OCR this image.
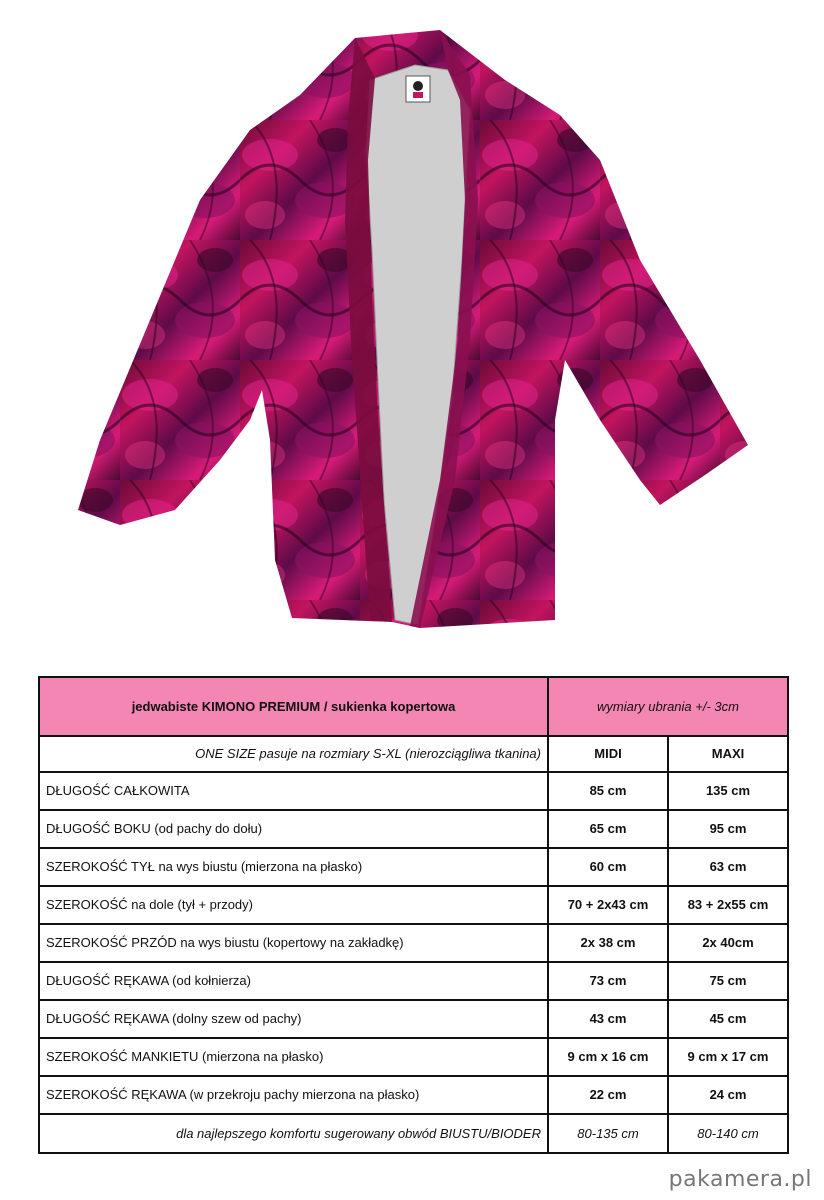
jedwabiste KIMONO PREMIUM / sukienka kopertowa	wymiary ubrania +/- 3cm	
ONE SIZE pasuje na rozmiary S-XL (nierozciągliwa tkanina)	MIDI	MAXI
DŁUGOŚĆ CAŁKOWITA	85 cm	135 cm
DŁUGOŚĆ BOKU (od pachy do dołu)	65 cm	95 cm
SZEROKOŚĆ TYŁ na wys biustu (mierzona na płasko)	60 cm	63 cm
SZEROKOŚĆ na dole (tył + przody)	70 + 2x43 cm	83 + 2x55 cm
SZEROKOŚĆ PRZÓD na wys biustu (kopertowy na zakładkę)	2x 38 cm	2x 40cm
DŁUGOŚĆ RĘKAWA (od kołnierza)	73 cm	75 cm
DŁUGOŚĆ RĘKAWA (dolny szew od pachy)	43 cm	45 cm
SZEROKOŚĆ MANKIETU (mierzona na płasko)	9 cm x 16 cm	9 cm x 17 cm
SZEROKOŚĆ RĘKAWA (w przekroju pachy mierzona na płasko)	22 cm	24 cm
dla najlepszego komfortu sugerowany obwód BIUSTU/BIODER	80-135 cm	80-140 cm
pakamera.pl
